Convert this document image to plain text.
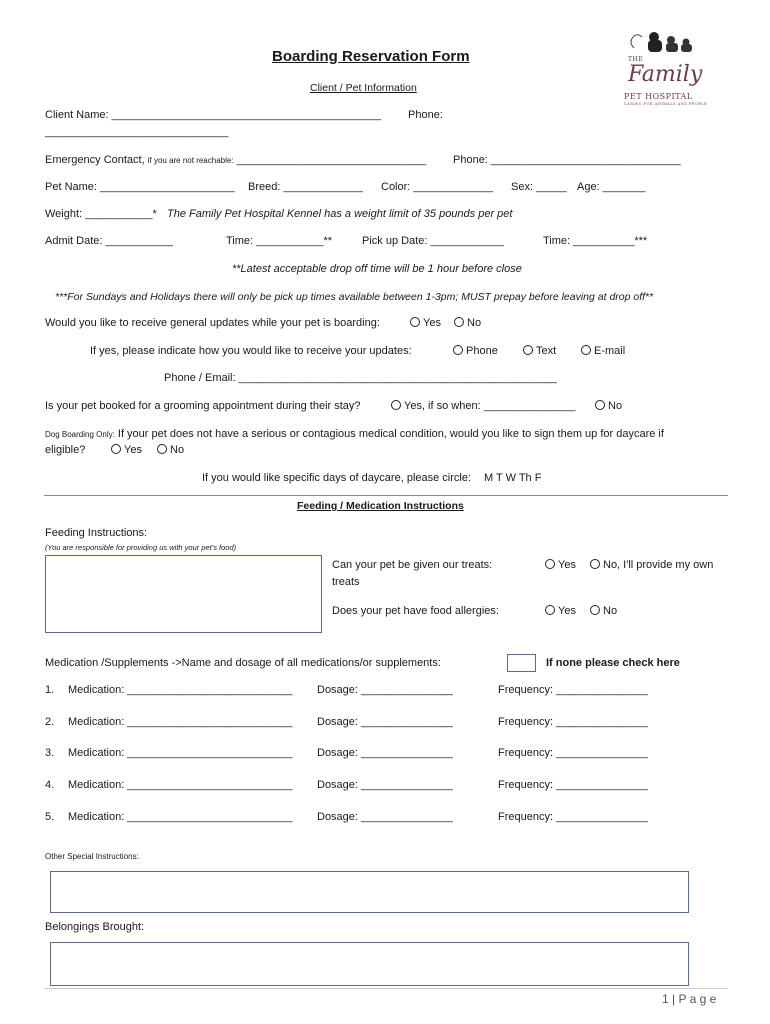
THE
Family
PET HOSPITAL
CARING FOR ANIMALS AND PEOPLE
Boarding Reservation Form
Client / Pet Information
Client Name: ____________________________________________ Phone:
______________________________
Emergency Contact, if you are not reachable: _______________________________ Phone: _______________________________
Pet Name: ______________________ Breed: _____________ Color: _____________ Sex: _____ Age: _______
Weight: ___________* The Family Pet Hospital Kennel has a weight limit of 35 pounds per pet
Admit Date: ___________	Time: ___________**	Pick up Date: ____________	Time: __________***
**Latest acceptable drop off time will be 1 hour before close
***For Sundays and Holidays there will only be pick up times available between 1-3pm; MUST prepay before leaving at drop off**
Would you like to receive general updates while your pet is boarding:	Yes	No
If yes, please indicate how you would like to receive your updates:	Phone	Text	E-mail
Phone / Email: ____________________________________________________
Is your pet booked for a grooming appointment during their stay?	Yes, if so when: _______________	No
Dog Boarding Only: If your pet does not have a serious or contagious medical condition, would you like to sign them up for daycare if
eligible?	Yes	No
If you would like specific days of daycare, please circle: M T W Th F
Feeding / Medication Instructions
Feeding Instructions:
(You are responsible for providing us with your pet's food)
Can your pet be given our treats:
treats
Yes	No, I'll provide my own
Does your pet have food allergies:	Yes	No
Medication /Supplements ->Name and dosage of all medications/or supplements:	If none please check here
1. Medication: ___________________________ Dosage: _______________	Frequency: _______________
2. Medication: ___________________________ Dosage: _______________	Frequency: _______________
3. Medication: ___________________________ Dosage: _______________	Frequency: _______________
4. Medication: ___________________________ Dosage: _______________	Frequency: _______________
5. Medication: ___________________________ Dosage: _______________	Frequency: _______________
Other Special Instructions:
Belongings Brought:
1 | P a g e
